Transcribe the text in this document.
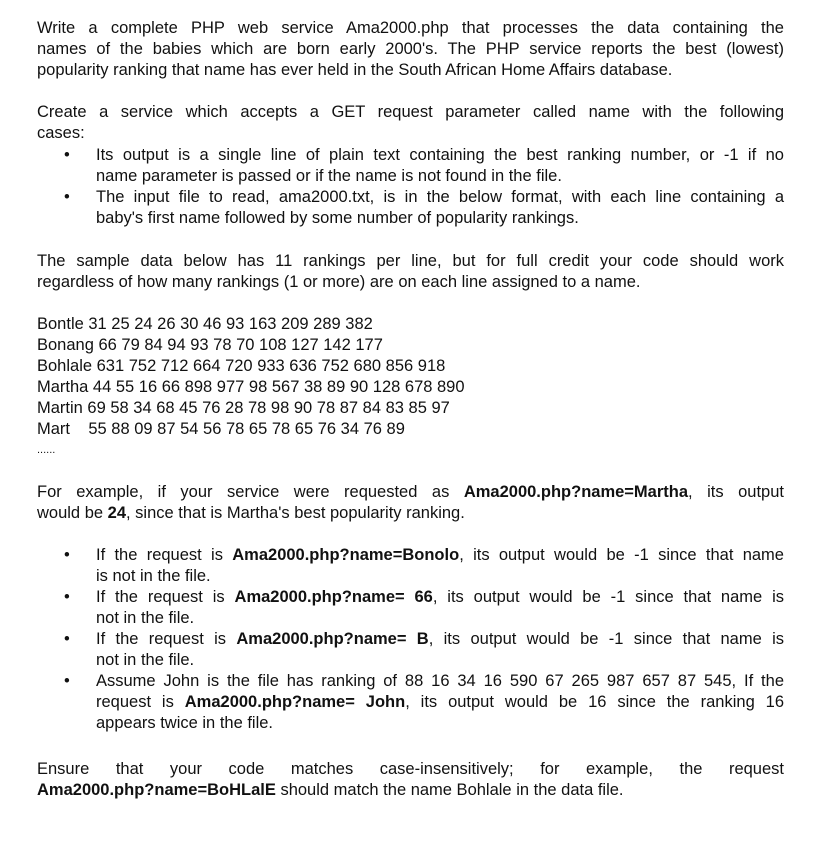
Write a complete PHP web service Ama2000.php that processes the data containing the
names of the babies which are born early 2000's. The PHP service reports the best (lowest)
popularity ranking that name has ever held in the South African Home Affairs database.
Create a service which accepts a GET request parameter called name with the following
cases:
• Its output is a single line of plain text containing the best ranking number, or -1 if no
name parameter is passed or if the name is not found in the file.
• The input file to read, ama2000.txt, is in the below format, with each line containing a
baby's first name followed by some number of popularity rankings.
The sample data below has 11 rankings per line, but for full credit your code should work
regardless of how many rankings (1 or more) are on each line assigned to a name.
Bontle 31 25 24 26 30 46 93 163 209 289 382
Bonang 66 79 84 94 93 78 70 108 127 142 177
Bohlale 631 752 712 664 720 933 636 752 680 856 918
Martha 44 55 16 66 898 977 98 567 38 89 90 128 678 890
Martin 69 58 34 68 45 76 28 78 98 90 78 87 84 83 85 97
Mart    55 88 09 87 54 56 78 65 78 65 76 34 76 89
......
For example, if your service were requested as Ama2000.php?name=Martha, its output
would be 24, since that is Martha's best popularity ranking.
• If the request is Ama2000.php?name=Bonolo, its output would be -1 since that name
is not in the file.
• If the request is Ama2000.php?name= 66, its output would be -1 since that name is
not in the file.
• If the request is Ama2000.php?name= B, its output would be -1 since that name is
not in the file.
• Assume John is the file has ranking of 88 16 34 16 590 67 265 987 657 87 545, If the
request is Ama2000.php?name= John, its output would be 16 since the ranking 16
appears twice in the file.
Ensure that your code matches case-insensitively; for example, the request
Ama2000.php?name=BoHLalE should match the name Bohlale in the data file.
